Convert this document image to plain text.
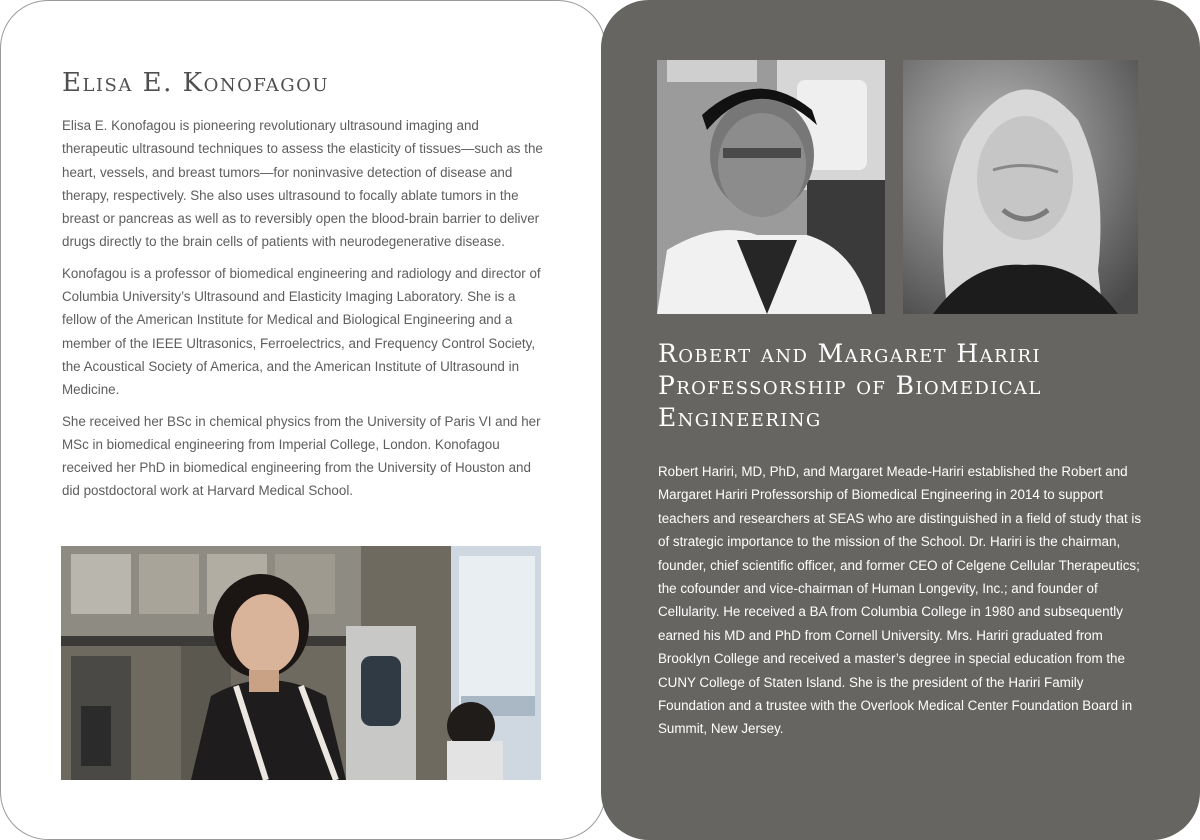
Elisa E. Konofagou

Elisa E. Konofagou is pioneering revolutionary ultrasound imaging and therapeutic ultrasound techniques to assess the elasticity of tissues—such as the heart, vessels, and breast tumors—for noninvasive detection of disease and therapy, respectively. She also uses ultrasound to focally ablate tumors in the breast or pancreas as well as to reversibly open the blood-brain barrier to deliver drugs directly to the brain cells of patients with neurodegenerative disease.

Konofagou is a professor of biomedical engineering and radiology and director of Columbia University’s Ultrasound and Elasticity Imaging Laboratory. She is a fellow of the American Institute for Medical and Biological Engineering and a member of the IEEE Ultrasonics, Ferroelectrics, and Frequency Control Society, the Acoustical Society of America, and the American Institute of Ultrasound in Medicine.

She received her BSc in chemical physics from the University of Paris VI and her MSc in biomedical engineering from Imperial College, London. Konofagou received her PhD in biomedical engineering from the University of Houston and did postdoctoral work at Harvard Medical School.

Robert and Margaret Hariri Professorship of Biomedical Engineering

Robert Hariri, MD, PhD, and Margaret Meade-Hariri established the Robert and Margaret Hariri Professorship of Biomedical Engineering in 2014 to support teachers and researchers at SEAS who are distinguished in a field of study that is of strategic importance to the mission of the School. Dr. Hariri is the chairman, founder, chief scientific officer, and former CEO of Celgene Cellular Therapeutics; the cofounder and vice-chairman of Human Longevity, Inc.; and founder of Cellularity. He received a BA from Columbia College in 1980 and subsequently earned his MD and PhD from Cornell University. Mrs. Hariri graduated from Brooklyn College and received a master’s degree in special education from the CUNY College of Staten Island. She is the president of the Hariri Family Foundation and a trustee with the Overlook Medical Center Foundation Board in Summit, New Jersey.
